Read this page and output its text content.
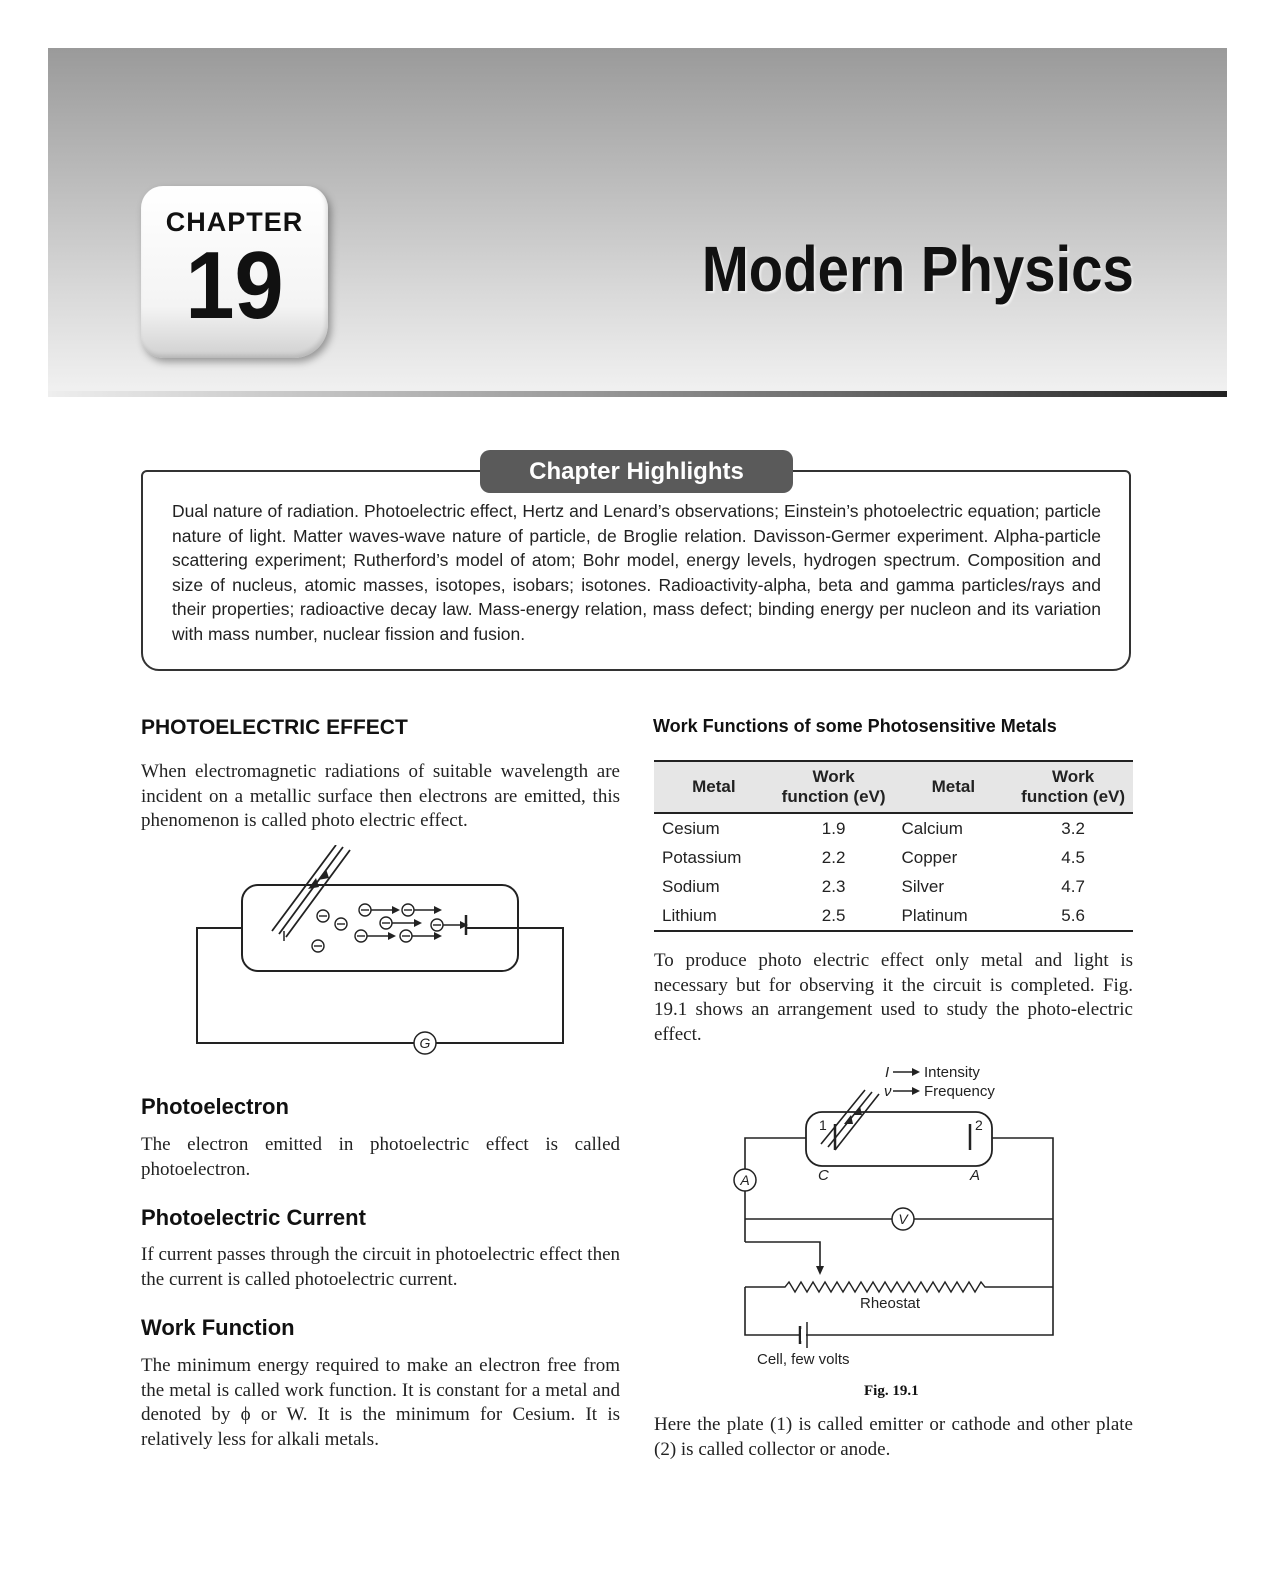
CHAPTER
19	Modern Physics
Chapter Highlights
Dual nature of radiation. Photoelectric effect, Hertz and Lenard’s observations; Einstein’s photoelectric equation; particle nature of light. Matter waves-wave nature of particle, de Broglie relation. Davisson-Germer experiment. Alpha-particle scattering experiment; Rutherford’s model of atom; Bohr model, energy levels, hydrogen spectrum. Composition and size of nucleus, atomic masses, isotopes, isobars; isotones. Radioactivity-alpha, beta and gamma particles/rays and their properties; radioactive decay law. Mass-energy relation, mass defect; binding energy per nucleon and its variation with mass number, nuclear fission and fusion.
PHOTOELECTRIC EFFECT
When electromagnetic radiations of suitable wavelength are incident on a metallic surface then electrons are emitted, this phenomenon is called photo electric effect.
G
Photoelectron
The electron emitted in photoelectric effect is called photoelectron.
Photoelectric Current
If current passes through the circuit in photoelectric effect then the current is called photoelectric current.
Work Function
The minimum energy required to make an electron free from the metal is called work function. It is constant for a metal and denoted by ϕ or W. It is the minimum for Cesium. It is relatively less for alkali metals.
Work Functions of some Photosensitive Metals
Metal	Work function (eV)	Metal	Work function (eV)
Cesium	1.9	Calcium	3.2
Potassium	2.2	Copper	4.5
Sodium	2.3	Silver	4.7
Lithium	2.5	Platinum	5.6
To produce photo electric effect only metal and light is necessary but for observing it the circuit is completed. Fig. 19.1 shows an arrangement used to study the photo-electric effect.
I Intensity
ν Frequency
1	2
C	A
A
V
Rheostat
Cell, few volts
Fig. 19.1
Here the plate (1) is called emitter or cathode and other plate (2) is called collector or anode.
